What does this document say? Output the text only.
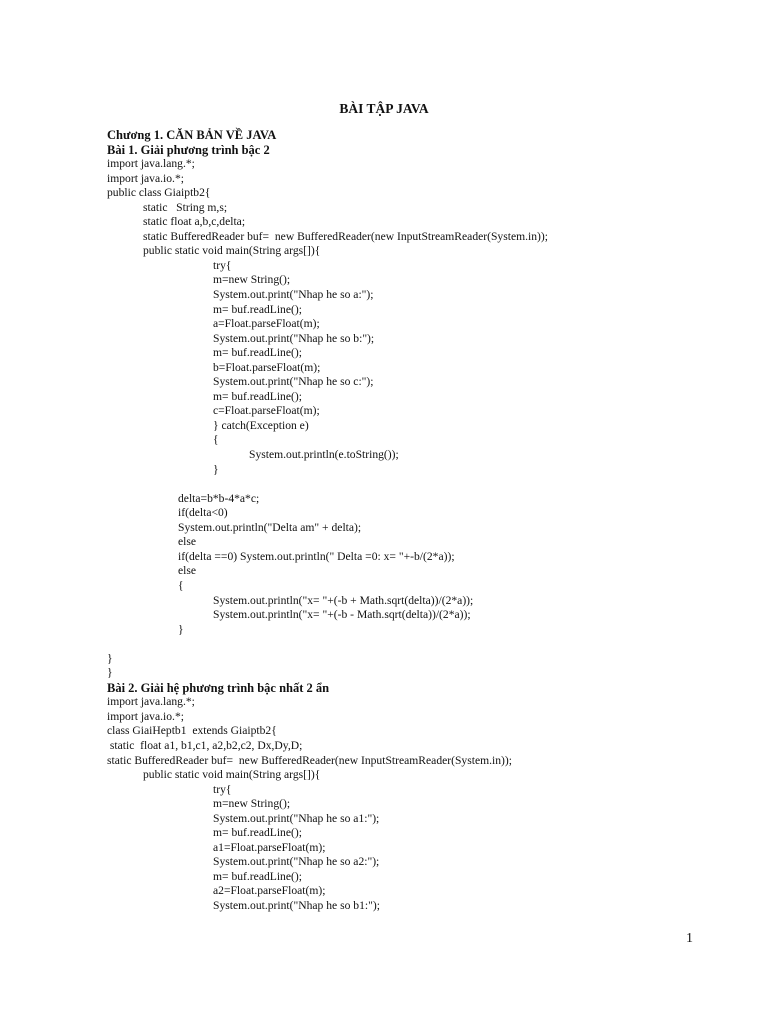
BÀI TẬP JAVA
Chương 1. CĂN BẢN VỀ JAVA
Bài 1. Giải phương trình bậc 2
import java.lang.*;
import java.io.*;
public class Giaiptb2{
static   String m,s;
static float a,b,c,delta;
static BufferedReader buf=  new BufferedReader(new InputStreamReader(System.in));
public static void main(String args[]){
try{
m=new String();
System.out.print("Nhap he so a:");
m= buf.readLine();
a=Float.parseFloat(m);
System.out.print("Nhap he so b:");
m= buf.readLine();
b=Float.parseFloat(m);
System.out.print("Nhap he so c:");
m= buf.readLine();
c=Float.parseFloat(m);
} catch(Exception e)
{
System.out.println(e.toString());
}
delta=b*b-4*a*c;
if(delta<0)
System.out.println("Delta am" + delta);
else
if(delta ==0) System.out.println(" Delta =0: x= "+-b/(2*a));
else
{
System.out.println("x= "+(-b + Math.sqrt(delta))/(2*a));
System.out.println("x= "+(-b - Math.sqrt(delta))/(2*a));
}
}
}
Bài 2. Giải hệ phương trình bậc nhất 2 ẩn
import java.lang.*;
import java.io.*;
class GiaiHeptb1  extends Giaiptb2{
static  float a1, b1,c1, a2,b2,c2, Dx,Dy,D;
static BufferedReader buf=  new BufferedReader(new InputStreamReader(System.in));
public static void main(String args[]){
try{
m=new String();
System.out.print("Nhap he so a1:");
m= buf.readLine();
a1=Float.parseFloat(m);
System.out.print("Nhap he so a2:");
m= buf.readLine();
a2=Float.parseFloat(m);
System.out.print("Nhap he so b1:");
1
